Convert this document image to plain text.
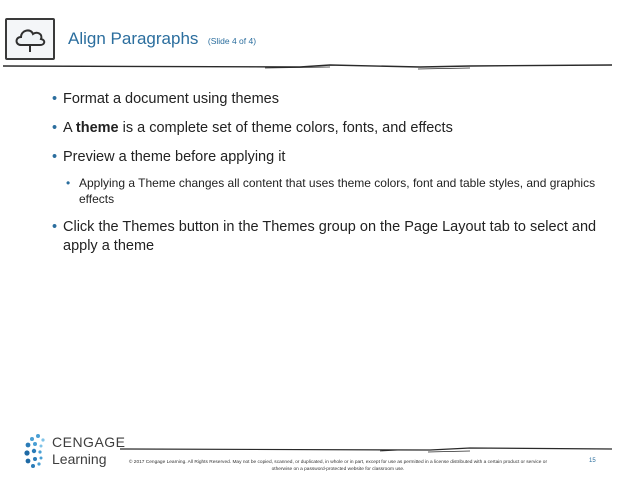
Align Paragraphs (Slide 4 of 4)
• Format a document using themes
• A theme is a complete set of theme colors, fonts, and effects
• Preview a theme before applying it
• Applying a Theme changes all content that uses theme colors, font and table styles, and graphics effects
• Click the Themes button in the Themes group on the Page Layout tab to select and apply a theme
CENGAGE
Learning	© 2017 Cengage Learning. All Rights Reserved. May not be copied, scanned, or duplicated, in whole or in part, except for use as permitted in a license distributed with a certain product or service or otherwise on a password-protected website for classroom use.
15
